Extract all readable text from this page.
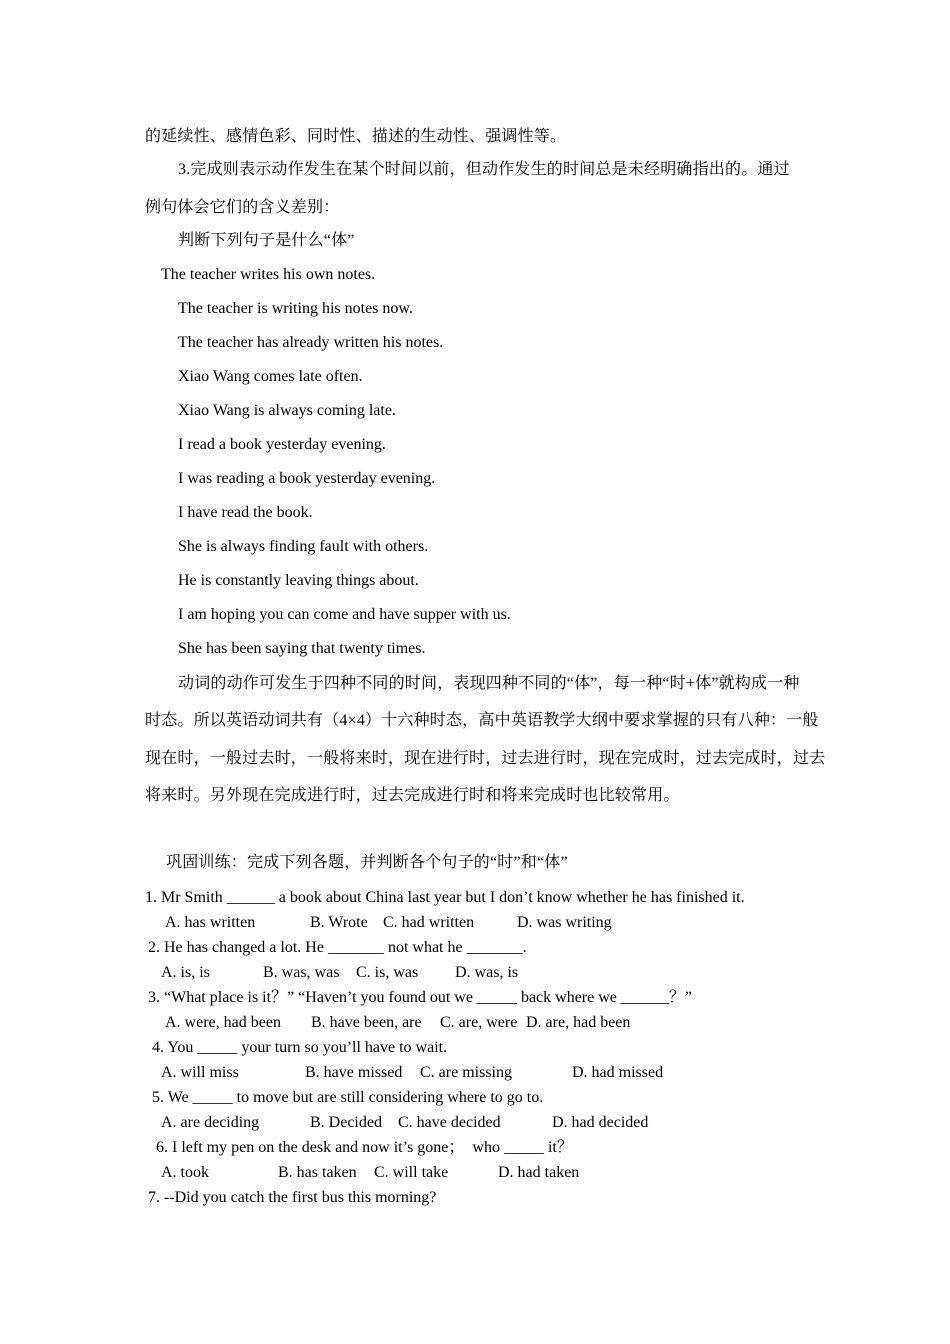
的延续性、感情色彩、同时性、描述的生动性、强调性等。
3.完成则表示动作发生在某个时间以前，但动作发生的时间总是未经明确指出的。通过
例句体会它们的含义差别：
判断下列句子是什么“体”
The teacher writes his own notes.
The teacher is writing his notes now.
The teacher has already written his notes.
Xiao Wang comes late often.
Xiao Wang is always coming late.
I read a book yesterday evening.
I was reading a book yesterday evening.
I have read the book.
She is always finding fault with others.
He is constantly leaving things about.
I am hoping you can come and have supper with us.
She has been saying that twenty times.
动词的动作可发生于四种不同的时间，表现四种不同的“体”，每一种“时+体”就构成一种
时态。所以英语动词共有（4×4）十六种时态，高中英语教学大纲中要求掌握的只有八种：一般
现在时，一般过去时，一般将来时，现在进行时，过去进行时，现在完成时，过去完成时，过去
将来时。另外现在完成进行时，过去完成进行时和将来完成时也比较常用。
巩固训练：完成下列各题，并判断各个句子的“时”和“体”
1. Mr Smith ______ a book about China last year but I don’t know whether he has finished it.
A. has written	B. Wrote C. had written	D. was writing
2. He has changed a lot. He _______ not what he _______.
A. is, is	B. was, was C. is, was D. was, is
3. “What place is it？” “Haven’t you found out we _____ back where we ______？”
A. were, had been B. have been, are C. are, were D. are, had been
4. You _____ your turn so you’ll have to wait.
A. will miss	B. have missed C. are missing	D. had missed
5. We _____ to move but are still considering where to go to.
A. are deciding	B. Decided C. have decided	D. had decided
6. I left my pen on the desk and now it’s gone；  who _____ it？
A. took	B. has taken C. will take	D. had taken
7. --Did you catch the first bus this morning?
